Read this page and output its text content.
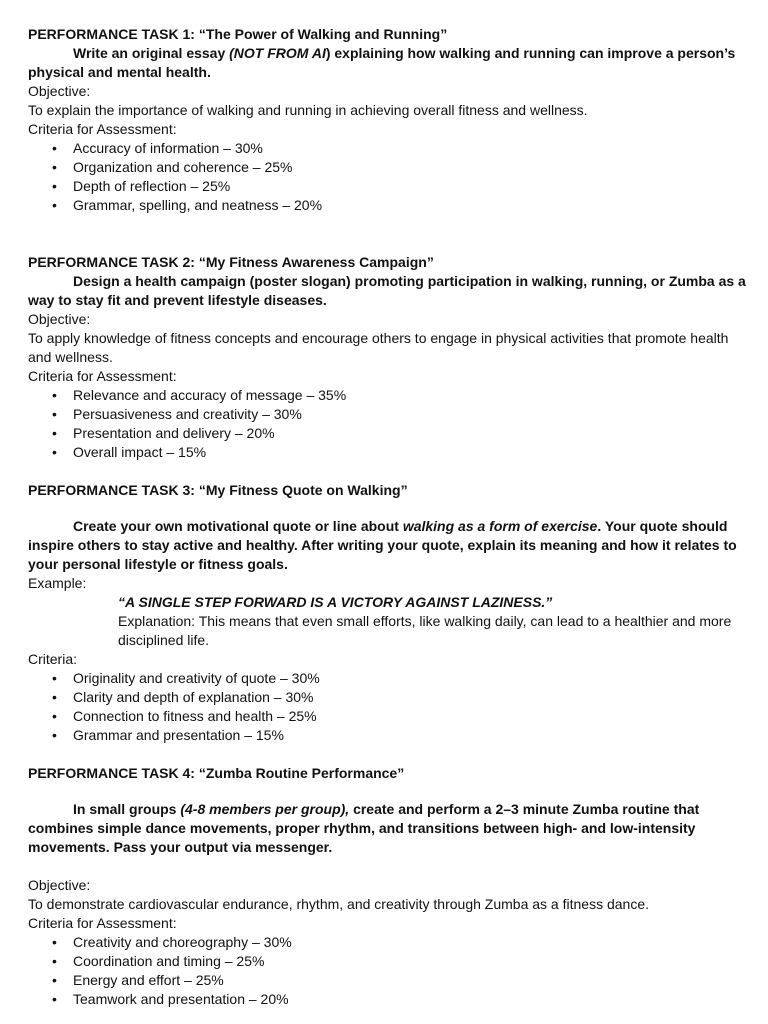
PERFORMANCE TASK 1: “The Power of Walking and Running”
Write an original essay (NOT FROM AI) explaining how walking and running can improve a person’s physical and mental health.
Objective:
To explain the importance of walking and running in achieving overall fitness and wellness.
Criteria for Assessment:
• Accuracy of information – 30%
• Organization and coherence – 25%
• Depth of reflection – 25%
• Grammar, spelling, and neatness – 20%
PERFORMANCE TASK 2: “My Fitness Awareness Campaign”
Design a health campaign (poster slogan) promoting participation in walking, running, or Zumba as a way to stay fit and prevent lifestyle diseases.
Objective:
To apply knowledge of fitness concepts and encourage others to engage in physical activities that promote health and wellness.
Criteria for Assessment:
• Relevance and accuracy of message – 35%
• Persuasiveness and creativity – 30%
• Presentation and delivery – 20%
• Overall impact – 15%
PERFORMANCE TASK 3: “My Fitness Quote on Walking”
Create your own motivational quote or line about walking as a form of exercise. Your quote should inspire others to stay active and healthy. After writing your quote, explain its meaning and how it relates to your personal lifestyle or fitness goals.
Example:
“A SINGLE STEP FORWARD IS A VICTORY AGAINST LAZINESS.”
Explanation: This means that even small efforts, like walking daily, can lead to a healthier and more disciplined life.
Criteria:
• Originality and creativity of quote – 30%
• Clarity and depth of explanation – 30%
• Connection to fitness and health – 25%
• Grammar and presentation – 15%
PERFORMANCE TASK 4: “Zumba Routine Performance”
In small groups (4-8 members per group), create and perform a 2–3 minute Zumba routine that combines simple dance movements, proper rhythm, and transitions between high- and low-intensity movements. Pass your output via messenger.
Objective:
To demonstrate cardiovascular endurance, rhythm, and creativity through Zumba as a fitness dance.
Criteria for Assessment:
• Creativity and choreography – 30%
• Coordination and timing – 25%
• Energy and effort – 25%
• Teamwork and presentation – 20%
